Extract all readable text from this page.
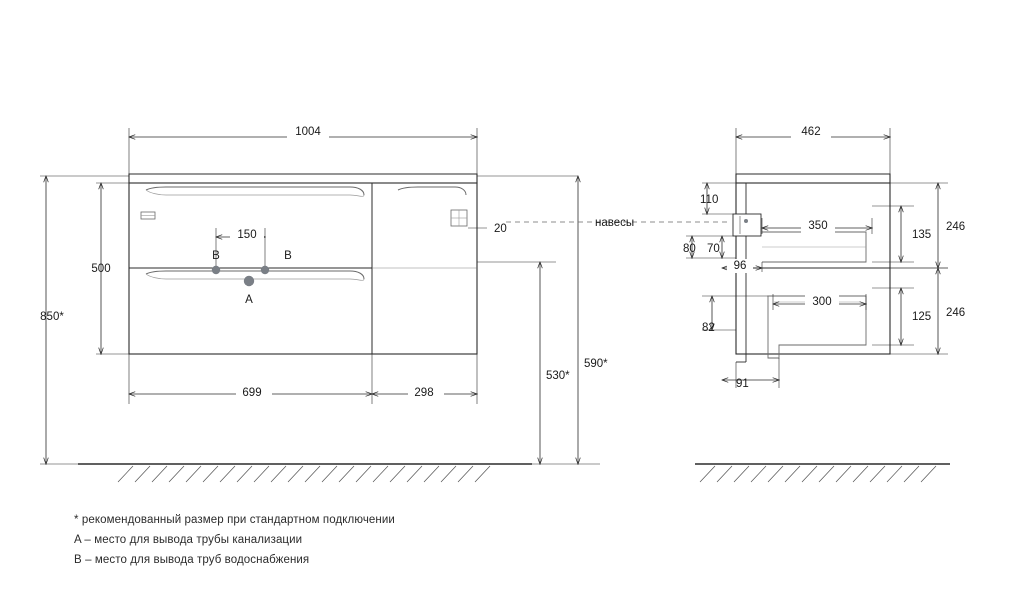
1004
500
850*
150	20
699	298
530*
590*
B	B
A
навесы
462
110
80 70
96
82
91
350
300
135
246
125 246
* рекомендованный размер при стандартном подключении
A – место для вывода трубы канализации
B – место для вывода труб водоснабжения
